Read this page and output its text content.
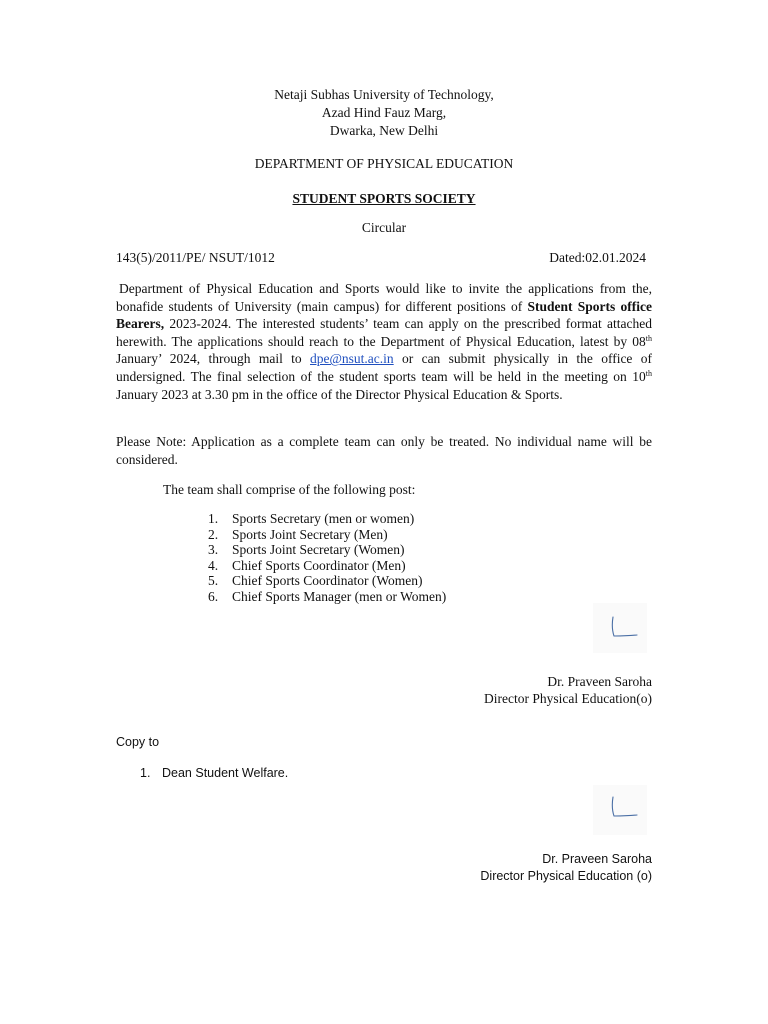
Netaji Subhas University of Technology,
Azad Hind Fauz Marg,
Dwarka, New Delhi
DEPARTMENT OF PHYSICAL EDUCATION
STUDENT SPORTS SOCIETY
Circular
143(5)/2011/PE/ NSUT/1012	Dated:02.01.2024
Department of Physical Education and Sports would like to invite the applications from the, bonafide students of University (main campus) for different positions of Student Sports office Bearers, 2023-2024. The interested students’ team can apply on the prescribed format attached herewith. The applications should reach to the Department of Physical Education, latest by 08th January’ 2024, through mail to dpe@nsut.ac.in or can submit physically in the office of undersigned. The final selection of the student sports team will be held in the meeting on 10th January 2023 at 3.30 pm in the office of the Director Physical Education & Sports.
Please Note: Application as a complete team can only be treated. No individual name will be considered.
The team shall comprise of the following post:
1.	Sports Secretary (men or women)
2.	Sports Joint Secretary (Men)
3.	Sports Joint Secretary (Women)
4.	Chief Sports Coordinator (Men)
5.	Chief Sports Coordinator (Women)
6.	Chief Sports Manager (men or Women)
Dr. Praveen Saroha
Director Physical Education(o)
Copy to
1. Dean Student Welfare.
Dr. Praveen Saroha
Director Physical Education (o)
